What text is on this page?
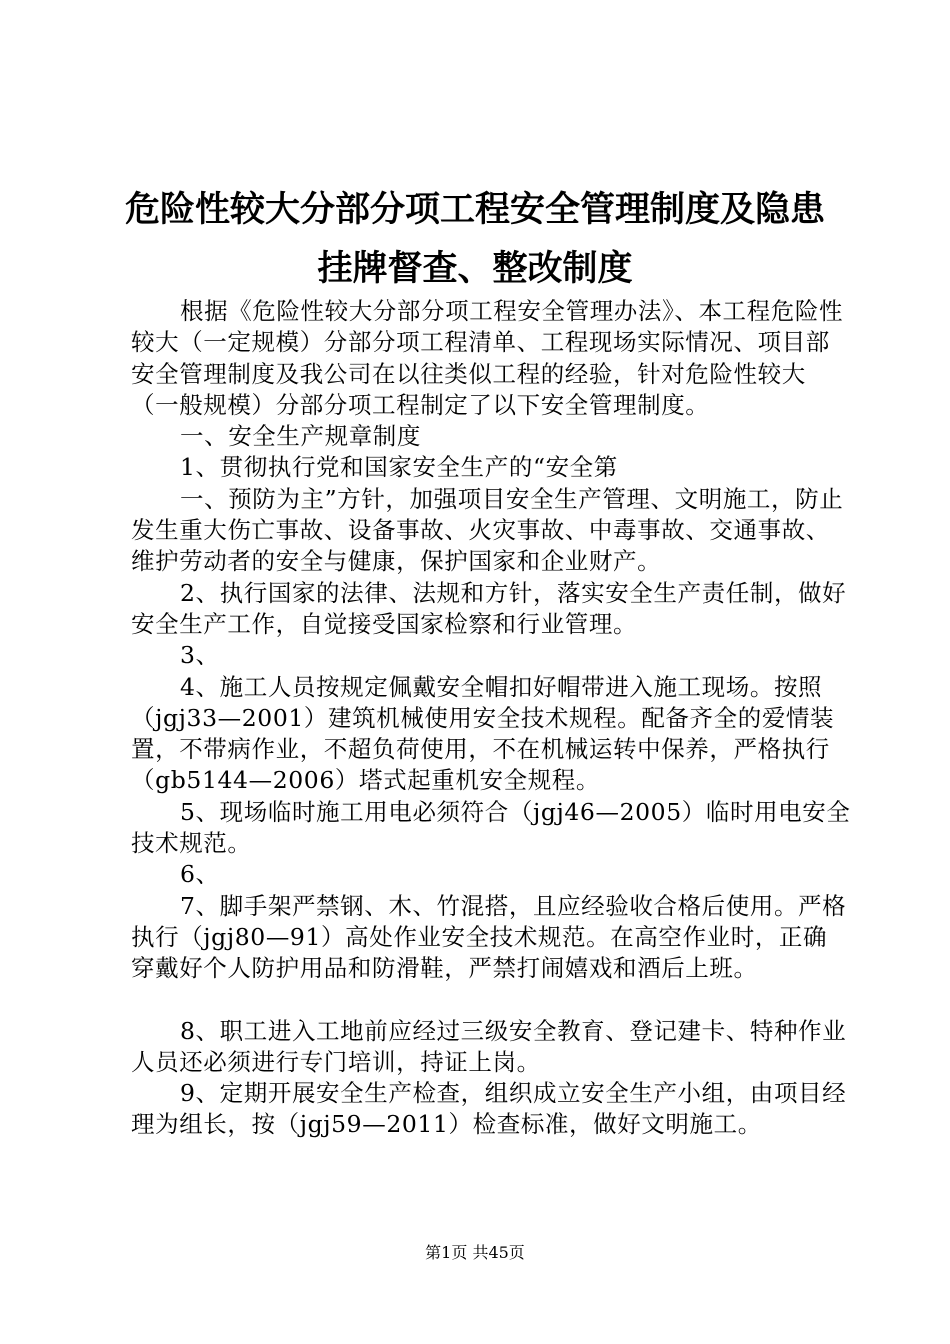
危险性较大分部分项工程安全管理制度及隐患
挂牌督查、整改制度

根据《危险性较大分部分项工程安全管理办法》、本工程危险性较大（一定规模）分部分项工程清单、工程现场实际情况、项目部安全管理制度及我公司在以往类似工程的经验，针对危险性较大（一般规模）分部分项工程制定了以下安全管理制度。

一、安全生产规章制度

1、贯彻执行党和国家安全生产的“安全第

一、预防为主”方针，加强项目安全生产管理、文明施工，防止发生重大伤亡事故、设备事故、火灾事故、中毒事故、交通事故、维护劳动者的安全与健康，保护国家和企业财产。

2、执行国家的法律、法规和方针，落实安全生产责任制，做好安全生产工作，自觉接受国家检察和行业管理。

3、

4、施工人员按规定佩戴安全帽扣好帽带进入施工现场。按照（jgj33—2001）建筑机械使用安全技术规程。配备齐全的爱情装置，不带病作业，不超负荷使用，不在机械运转中保养，严格执行（gb5144—2006）塔式起重机安全规程。

5、现场临时施工用电必须符合（jgj46—2005）临时用电安全技术规范。

6、

7、脚手架严禁钢、木、竹混搭，且应经验收合格后使用。严格执行（jgj80—91）高处作业安全技术规范。在高空作业时，正确穿戴好个人防护用品和防滑鞋，严禁打闹嬉戏和酒后上班。

8、职工进入工地前应经过三级安全教育、登记建卡、特种作业人员还必须进行专门培训，持证上岗。

9、定期开展安全生产检查，组织成立安全生产小组，由项目经理为组长，按（jgj59—2011）检查标准，做好文明施工。

第1页 共45页
